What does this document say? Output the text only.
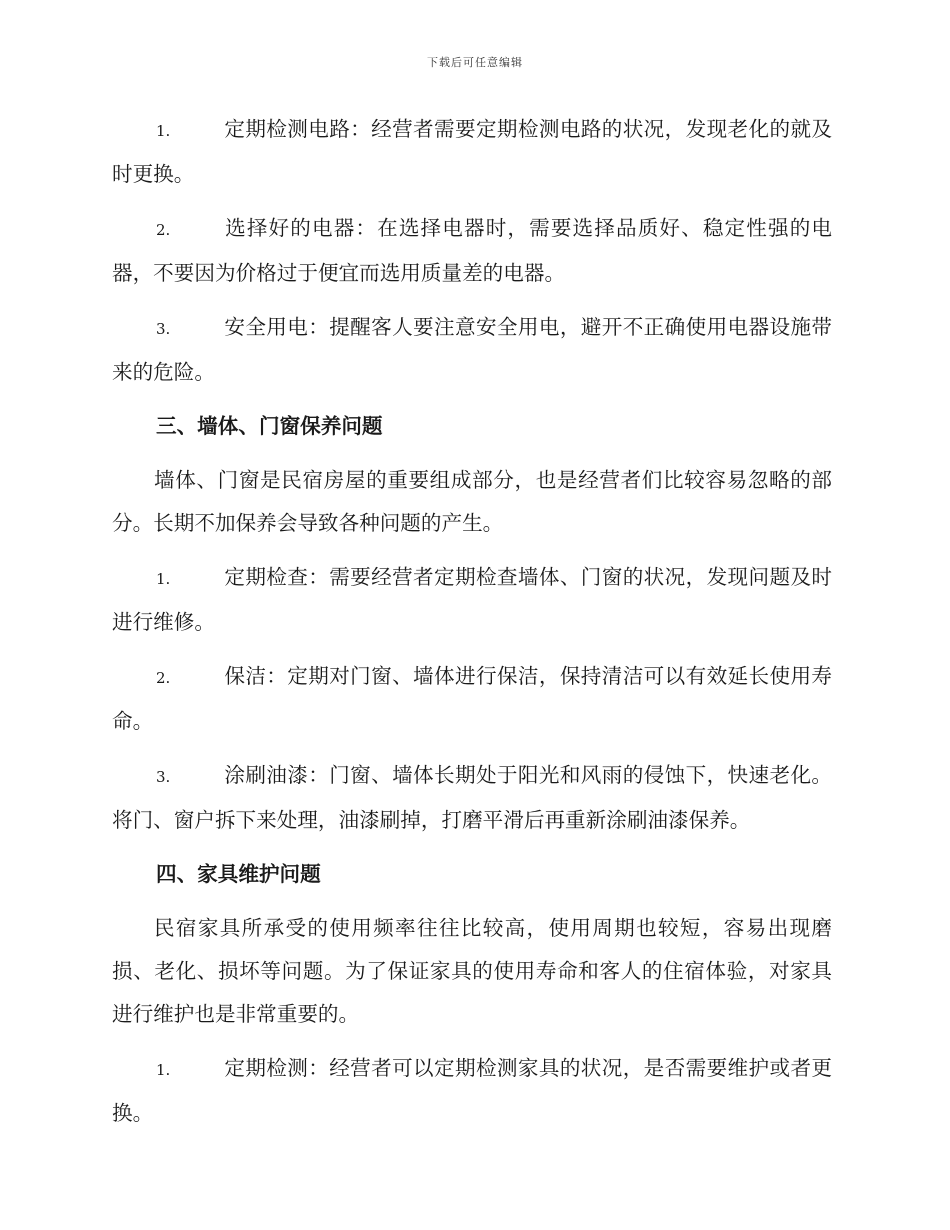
下载后可任意编辑

1.	定期检测电路：经营者需要定期检测电路的状况，发现老化的就及时更换。

2.	选择好的电器：在选择电器时，需要选择品质好、稳定性强的电器，不要因为价格过于便宜而选用质量差的电器。

3.	安全用电：提醒客人要注意安全用电，避开不正确使用电器设施带来的危险。

三、墙体、门窗保养问题

墙体、门窗是民宿房屋的重要组成部分，也是经营者们比较容易忽略的部分。长期不加保养会导致各种问题的产生。

1.	定期检查：需要经营者定期检查墙体、门窗的状况，发现问题及时进行维修。

2.	保洁：定期对门窗、墙体进行保洁，保持清洁可以有效延长使用寿命。

3.	涂刷油漆：门窗、墙体长期处于阳光和风雨的侵蚀下，快速老化。将门、窗户拆下来处理，油漆刷掉，打磨平滑后再重新涂刷油漆保养。

四、家具维护问题

民宿家具所承受的使用频率往往比较高，使用周期也较短，容易出现磨损、老化、损坏等问题。为了保证家具的使用寿命和客人的住宿体验，对家具进行维护也是非常重要的。

1.	定期检测：经营者可以定期检测家具的状况，是否需要维护或者更换。
